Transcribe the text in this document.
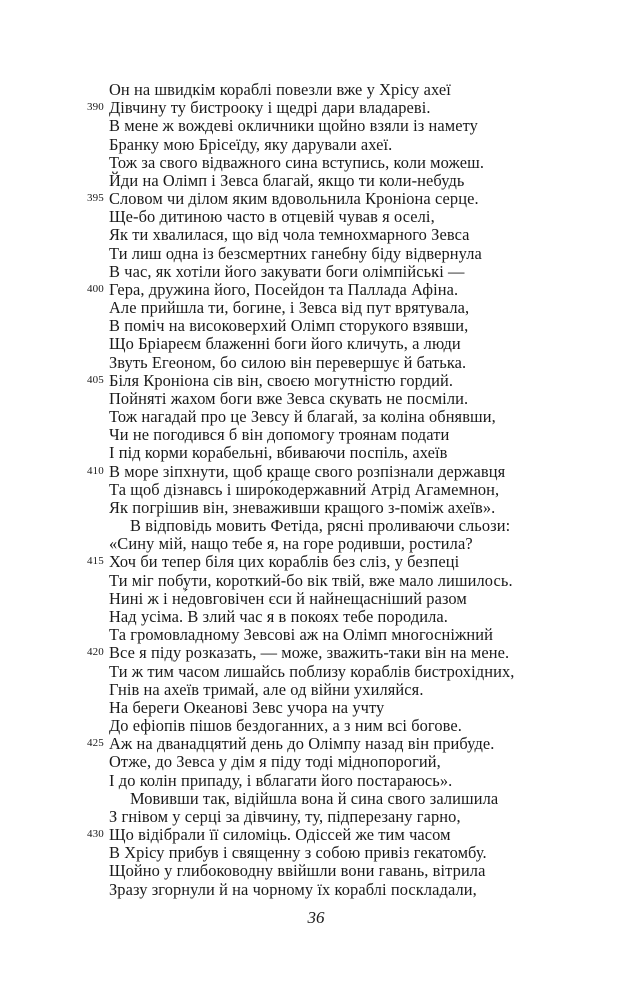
Он на швидкім кораблі повезли вже у Хрісу ахеї
390 Дівчину ту бистрооку і щедрі дари владареві.
В мене ж вождеві окличники щойно взяли із намету
Бранку мою Брісеїду, яку дарували ахеї.
Тож за свого відважного сина вступись, коли можеш.
Йди на Олімп і Зевса благай, якщо ти коли-небудь
395 Словом чи ділом яким вдовольнила Кроніона серце.
Ще-бо дитиною часто в отцевій чував я оселі,
Як ти хвалилася, що від чола темнохмарного Зевса
Ти лиш одна із безсмертних ганебну біду відвернула
В час, як хотіли його закувати боги олімпійські —
400 Гера, дружина його, Посейдон та Паллада Афіна.
Але прийшла ти, богине, і Зевса від пут врятувала,
В поміч на високоверхий Олімп сторукого взявши,
Що Бріареєм блаженні боги його кличуть, а люди
Звуть Егеоном, бо силою він перевершує й батька.
405 Біля Кроніона сів він, своєю могутністю гордий.
Пойняті жахом боги вже Зевса скувать не посміли.
Тож нагадай про це Зевсу й благай, за коліна обнявши,
Чи не погодився б він допомогу троянам подати
І під корми корабельні, вбиваючи поспіль, ахеїв
410 В море зіпхнути, щоб краще свого розпізнали державця
Та щоб дізнавсь і широ́кодержавний Атрід Агамемнон,
Як погрішив він, зневаживши кращого з-поміж ахеїв».
В відповідь мовить Фетіда, рясні проливаючи сльози:
«Сину мій, нащо тебе я, на горе родивши, ростила?
415 Хоч би тепер біля цих кораблів без сліз, у безпеці
Ти міг побути, короткий-бо вік твій, вже мало лишилось.
Нині ж і не́довговічен єси й найнещасніший разом
Над усіма. В злий час я в покоях тебе породила.
Та громовладному Зевсові аж на Олімп многосніжний
420 Все я піду розказать, — може, зважить-таки він на мене.
Ти ж тим часом лишайсь поблизу кораблів бистрохідних,
Гнів на ахеїв тримай, але од війни ухиляйся.
На береги Океанові Зевс учора на учту
До ефіопів пішов бездоганних, а з ним всі богове.
425 Аж на дванадцятий день до Олімпу назад він прибуде.
Отже, до Зевса у дім я піду тоді міднопорогий,
І до колін припаду, і вблагати його постараюсь».
Мовивши так, відійшла вона й сина свого залишила
З гнівом у серці за дівчину, ту, підперезану гарно,
430 Що відібрали її силоміць. Одіссей же тим часом
В Хрісу прибув і священну з собою привіз гекатомбу.
Щойно у глибоководну ввійшли вони гавань, вітрила
Зразу згорнули й на чорному їх кораблі поскладали,
36
